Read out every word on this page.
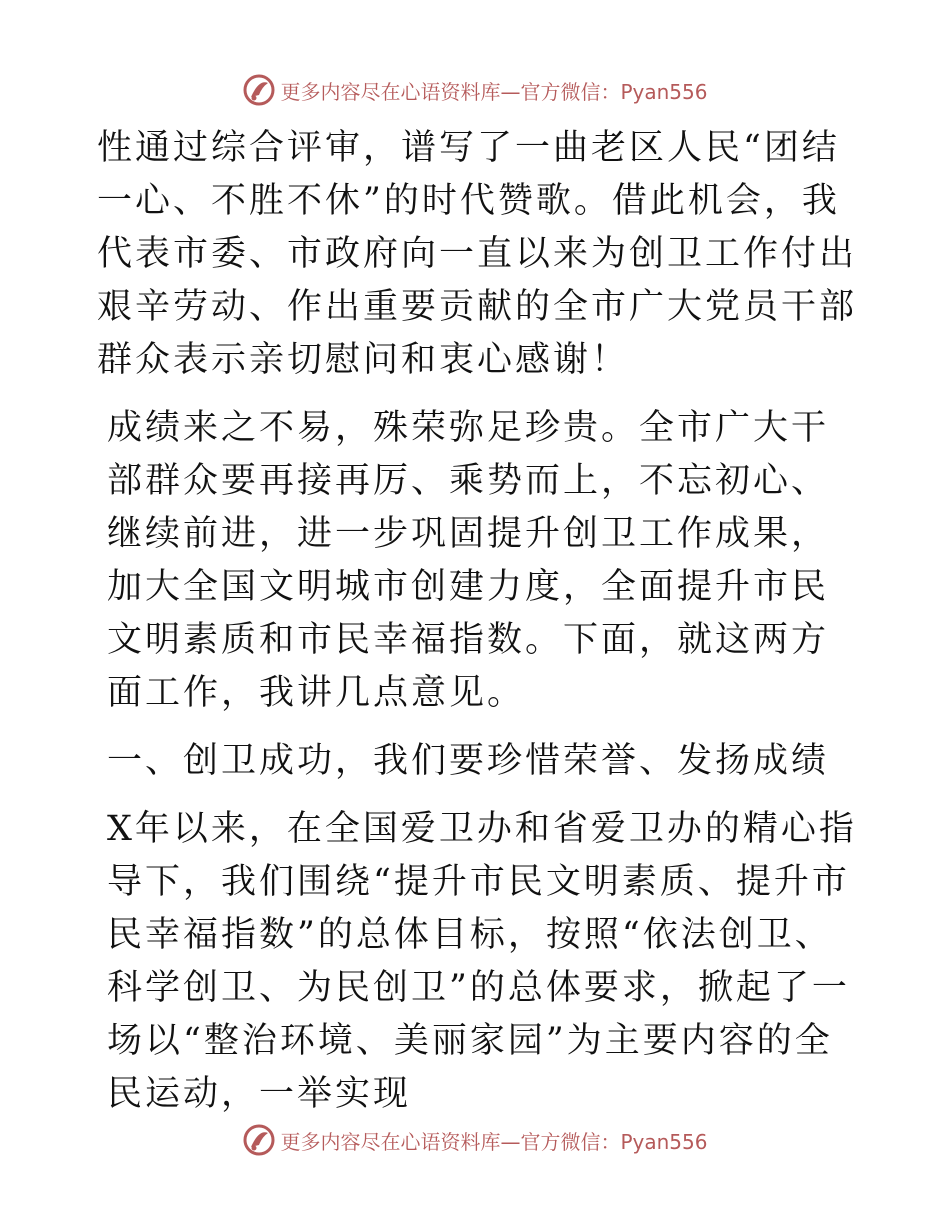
更多内容尽在心语资料库—官方微信：Pyan556

性通过综合评审，谱写了一曲老区人民“团结一心、不胜不休”的时代赞歌。借此机会，我代表市委、市政府向一直以来为创卫工作付出艰辛劳动、作出重要贡献的全市广大党员干部群众表示亲切慰问和衷心感谢！

成绩来之不易，殊荣弥足珍贵。全市广大干部群众要再接再厉、乘势而上，不忘初心、继续前进，进一步巩固提升创卫工作成果，加大全国文明城市创建力度，全面提升市民文明素质和市民幸福指数。下面，就这两方面工作，我讲几点意见。

一、创卫成功，我们要珍惜荣誉、发扬成绩

X年以来，在全国爱卫办和省爱卫办的精心指导下，我们围绕“提升市民文明素质、提升市民幸福指数”的总体目标，按照“依法创卫、科学创卫、为民创卫”的总体要求，掀起了一场以“整治环境、美丽家园”为主要内容的全民运动，一举实现

更多内容尽在心语资料库—官方微信：Pyan556
